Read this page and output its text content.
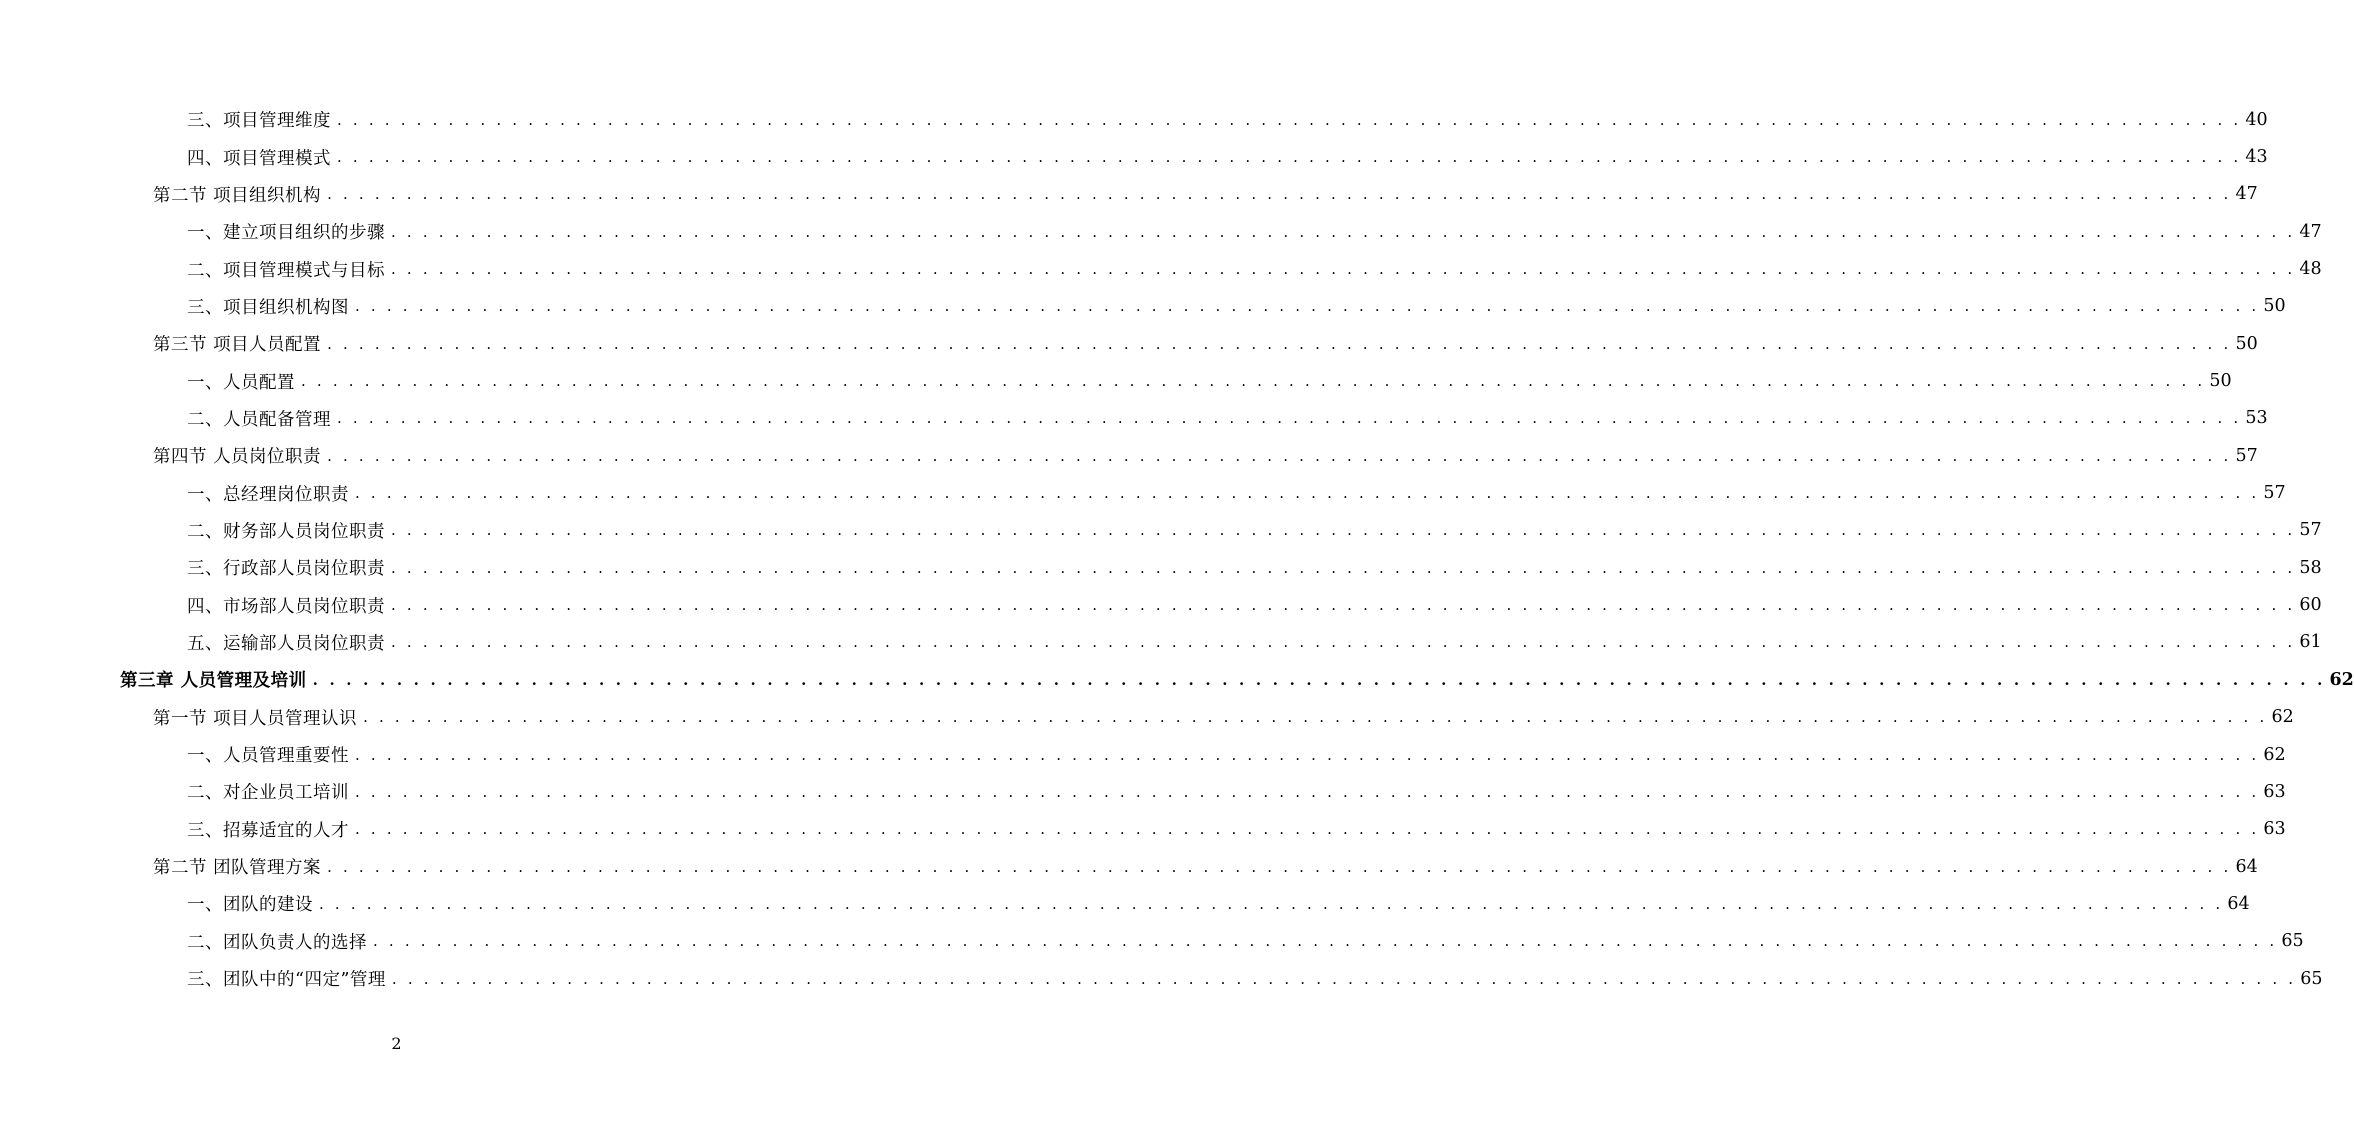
三、项目管理维度 . . . . . . . . . . . . . . . . . . . . . . . . . . . . . . . . . . . . . . . . . . . . . . . . . . . . . . . . . . . . . . . . . . . . . . . . . . . . . . . . . . . . . . . . . . . . . . . . . . . . . . . . . . . . . . . . . . . . . . . . 40
四、项目管理模式 . . . . . . . . . . . . . . . . . . . . . . . . . . . . . . . . . . . . . . . . . . . . . . . . . . . . . . . . . . . . . . . . . . . . . . . . . . . . . . . . . . . . . . . . . . . . . . . . . . . . . . . . . . . . . . . . . . . . . . . . 43
第二节 项目组织机构 . . . . . . . . . . . . . . . . . . . . . . . . . . . . . . . . . . . . . . . . . . . . . . . . . . . . . . . . . . . . . . . . . . . . . . . . . . . . . . . . . . . . . . . . . . . . . . . . . . . . . . . . . . . . . . . . . . . . . . . . 47
一、建立项目组织的步骤 . . . . . . . . . . . . . . . . . . . . . . . . . . . . . . . . . . . . . . . . . . . . . . . . . . . . . . . . . . . . . . . . . . . . . . . . . . . . . . . . . . . . . . . . . . . . . . . . . . . . . . . . . . . . . . . . . . . . . . . . 47
二、项目管理模式与目标 . . . . . . . . . . . . . . . . . . . . . . . . . . . . . . . . . . . . . . . . . . . . . . . . . . . . . . . . . . . . . . . . . . . . . . . . . . . . . . . . . . . . . . . . . . . . . . . . . . . . . . . . . . . . . . . . . . . . . . . . 48
三、项目组织机构图 . . . . . . . . . . . . . . . . . . . . . . . . . . . . . . . . . . . . . . . . . . . . . . . . . . . . . . . . . . . . . . . . . . . . . . . . . . . . . . . . . . . . . . . . . . . . . . . . . . . . . . . . . . . . . . . . . . . . . . . . 50
第三节 项目人员配置 . . . . . . . . . . . . . . . . . . . . . . . . . . . . . . . . . . . . . . . . . . . . . . . . . . . . . . . . . . . . . . . . . . . . . . . . . . . . . . . . . . . . . . . . . . . . . . . . . . . . . . . . . . . . . . . . . . . . . . . . 50
一、人员配置 . . . . . . . . . . . . . . . . . . . . . . . . . . . . . . . . . . . . . . . . . . . . . . . . . . . . . . . . . . . . . . . . . . . . . . . . . . . . . . . . . . . . . . . . . . . . . . . . . . . . . . . . . . . . . . . . . . . . . . . . 50
二、人员配备管理 . . . . . . . . . . . . . . . . . . . . . . . . . . . . . . . . . . . . . . . . . . . . . . . . . . . . . . . . . . . . . . . . . . . . . . . . . . . . . . . . . . . . . . . . . . . . . . . . . . . . . . . . . . . . . . . . . . . . . . . . 53
第四节 人员岗位职责 . . . . . . . . . . . . . . . . . . . . . . . . . . . . . . . . . . . . . . . . . . . . . . . . . . . . . . . . . . . . . . . . . . . . . . . . . . . . . . . . . . . . . . . . . . . . . . . . . . . . . . . . . . . . . . . . . . . . . . . . 57
一、总经理岗位职责 . . . . . . . . . . . . . . . . . . . . . . . . . . . . . . . . . . . . . . . . . . . . . . . . . . . . . . . . . . . . . . . . . . . . . . . . . . . . . . . . . . . . . . . . . . . . . . . . . . . . . . . . . . . . . . . . . . . . . . . . 57
二、财务部人员岗位职责 . . . . . . . . . . . . . . . . . . . . . . . . . . . . . . . . . . . . . . . . . . . . . . . . . . . . . . . . . . . . . . . . . . . . . . . . . . . . . . . . . . . . . . . . . . . . . . . . . . . . . . . . . . . . . . . . . . . . . . . . 57
三、行政部人员岗位职责 . . . . . . . . . . . . . . . . . . . . . . . . . . . . . . . . . . . . . . . . . . . . . . . . . . . . . . . . . . . . . . . . . . . . . . . . . . . . . . . . . . . . . . . . . . . . . . . . . . . . . . . . . . . . . . . . . . . . . . . . 58
四、市场部人员岗位职责 . . . . . . . . . . . . . . . . . . . . . . . . . . . . . . . . . . . . . . . . . . . . . . . . . . . . . . . . . . . . . . . . . . . . . . . . . . . . . . . . . . . . . . . . . . . . . . . . . . . . . . . . . . . . . . . . . . . . . . . . 60
五、运输部人员岗位职责 . . . . . . . . . . . . . . . . . . . . . . . . . . . . . . . . . . . . . . . . . . . . . . . . . . . . . . . . . . . . . . . . . . . . . . . . . . . . . . . . . . . . . . . . . . . . . . . . . . . . . . . . . . . . . . . . . . . . . . . . 61
第三章 人员管理及培训 . . . . . . . . . . . . . . . . . . . . . . . . . . . . . . . . . . . . . . . . . . . . . . . . . . . . . . . . . . . . . . . . . . . . . . . . . . . . . . . . . . . . . . . . . . . . . . . . . . . . . . . . . . . . . . . . . . . . . . . . 62
第一节 项目人员管理认识 . . . . . . . . . . . . . . . . . . . . . . . . . . . . . . . . . . . . . . . . . . . . . . . . . . . . . . . . . . . . . . . . . . . . . . . . . . . . . . . . . . . . . . . . . . . . . . . . . . . . . . . . . . . . . . . . . . . . . . . . 62
一、人员管理重要性 . . . . . . . . . . . . . . . . . . . . . . . . . . . . . . . . . . . . . . . . . . . . . . . . . . . . . . . . . . . . . . . . . . . . . . . . . . . . . . . . . . . . . . . . . . . . . . . . . . . . . . . . . . . . . . . . . . . . . . . . 62
二、对企业员工培训 . . . . . . . . . . . . . . . . . . . . . . . . . . . . . . . . . . . . . . . . . . . . . . . . . . . . . . . . . . . . . . . . . . . . . . . . . . . . . . . . . . . . . . . . . . . . . . . . . . . . . . . . . . . . . . . . . . . . . . . . 63
三、招募适宜的人才 . . . . . . . . . . . . . . . . . . . . . . . . . . . . . . . . . . . . . . . . . . . . . . . . . . . . . . . . . . . . . . . . . . . . . . . . . . . . . . . . . . . . . . . . . . . . . . . . . . . . . . . . . . . . . . . . . . . . . . . . 63
第二节 团队管理方案 . . . . . . . . . . . . . . . . . . . . . . . . . . . . . . . . . . . . . . . . . . . . . . . . . . . . . . . . . . . . . . . . . . . . . . . . . . . . . . . . . . . . . . . . . . . . . . . . . . . . . . . . . . . . . . . . . . . . . . . . 64
一、团队的建设 . . . . . . . . . . . . . . . . . . . . . . . . . . . . . . . . . . . . . . . . . . . . . . . . . . . . . . . . . . . . . . . . . . . . . . . . . . . . . . . . . . . . . . . . . . . . . . . . . . . . . . . . . . . . . . . . . . . . . . . . 64
二、团队负责人的选择 . . . . . . . . . . . . . . . . . . . . . . . . . . . . . . . . . . . . . . . . . . . . . . . . . . . . . . . . . . . . . . . . . . . . . . . . . . . . . . . . . . . . . . . . . . . . . . . . . . . . . . . . . . . . . . . . . . . . . . . . 65
三、团队中的“四定”管理 . . . . . . . . . . . . . . . . . . . . . . . . . . . . . . . . . . . . . . . . . . . . . . . . . . . . . . . . . . . . . . . . . . . . . . . . . . . . . . . . . . . . . . . . . . . . . . . . . . . . . . . . . . . . . . . . . . . . . . . . 65
2
